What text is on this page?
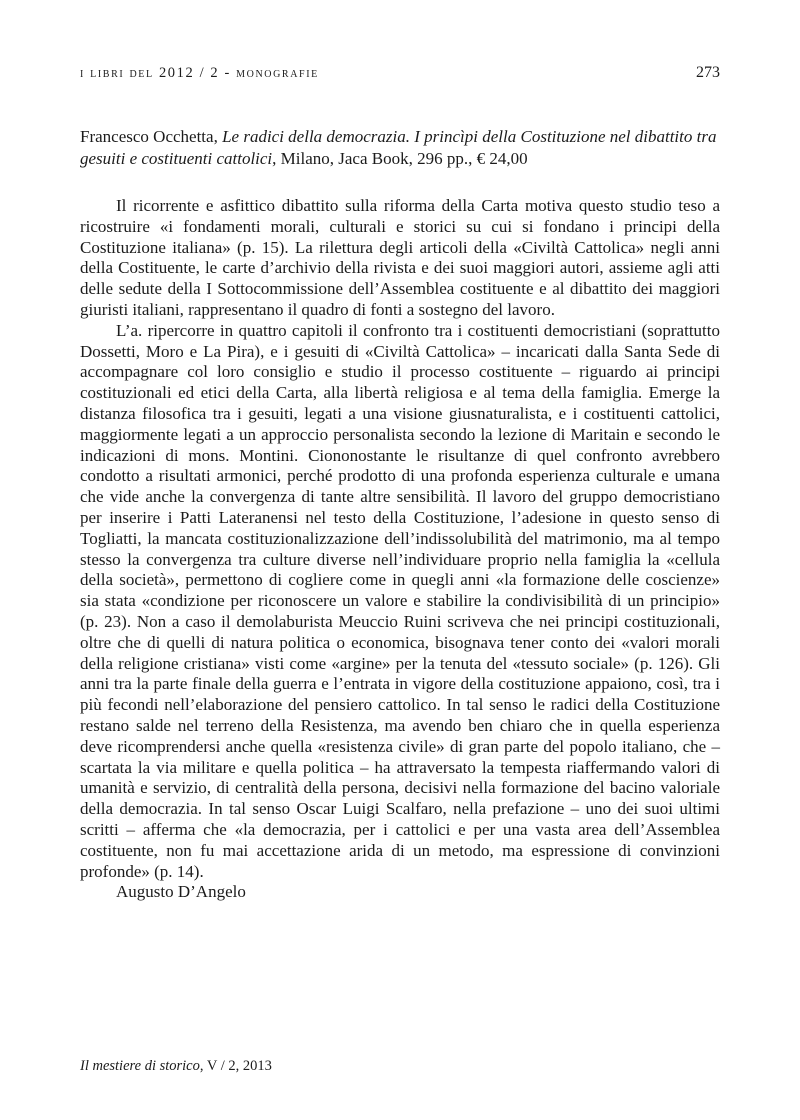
i libri del 2012 / 2 - monografie	273

Francesco Occhetta, Le radici della democrazia. I princìpi della Costituzione nel dibattito tra gesuiti e costituenti cattolici, Milano, Jaca Book, 296 pp., € 24,00

Il ricorrente e asfittico dibattito sulla riforma della Carta motiva questo studio teso a ricostruire «i fondamenti morali, culturali e storici su cui si fondano i principi della Costituzione italiana» (p. 15). La rilettura degli articoli della «Civiltà Cattolica» negli anni della Costituente, le carte d’archivio della rivista e dei suoi maggiori autori, assieme agli atti delle sedute della I Sottocommissione dell’Assemblea costituente e al dibattito dei maggiori giuristi italiani, rappresentano il quadro di fonti a sostegno del lavoro.

L’a. ripercorre in quattro capitoli il confronto tra i costituenti democristiani (soprattutto Dossetti, Moro e La Pira), e i gesuiti di «Civiltà Cattolica» – incaricati dalla Santa Sede di accompagnare col loro consiglio e studio il processo costituente – riguardo ai principi costituzionali ed etici della Carta, alla libertà religiosa e al tema della famiglia. Emerge la distanza filosofica tra i gesuiti, legati a una visione giusnaturalista, e i costituenti cattolici, maggiormente legati a un approccio personalista secondo la lezione di Maritain e secondo le indicazioni di mons. Montini. Ciononostante le risultanze di quel confronto avrebbero condotto a risultati armonici, perché prodotto di una profonda esperienza culturale e umana che vide anche la convergenza di tante altre sensibilità. Il lavoro del gruppo democristiano per inserire i Patti Lateranensi nel testo della Costituzione, l’adesione in questo senso di Togliatti, la mancata costituzionalizzazione dell’indissolubilità del matrimonio, ma al tempo stesso la convergenza tra culture diverse nell’individuare proprio nella famiglia la «cellula della società», permettono di cogliere come in quegli anni «la formazione delle coscienze» sia stata «condizione per riconoscere un valore e stabilire la condivisibilità di un principio» (p. 23). Non a caso il demolaburista Meuccio Ruini scriveva che nei principi costituzionali, oltre che di quelli di natura politica o economica, bisognava tener conto dei «valori morali della religione cristiana» visti come «argine» per la tenuta del «tessuto sociale» (p. 126). Gli anni tra la parte finale della guerra e l’entrata in vigore della costituzione appaiono, così, tra i più fecondi nell’elaborazione del pensiero cattolico. In tal senso le radici della Costituzione restano salde nel terreno della Resistenza, ma avendo ben chiaro che in quella esperienza deve ricomprendersi anche quella «resistenza civile» di gran parte del popolo italiano, che – scartata la via militare e quella politica – ha attraversato la tempesta riaffermando valori di umanità e servizio, di centralità della persona, decisivi nella formazione del bacino valoriale della democrazia. In tal senso Oscar Luigi Scalfaro, nella prefazione – uno dei suoi ultimi scritti – afferma che «la democrazia, per i cattolici e per una vasta area dell’Assemblea costituente, non fu mai accettazione arida di un metodo, ma espressione di convinzioni profonde» (p. 14).

Augusto D’Angelo

Il mestiere di storico, V / 2, 2013
